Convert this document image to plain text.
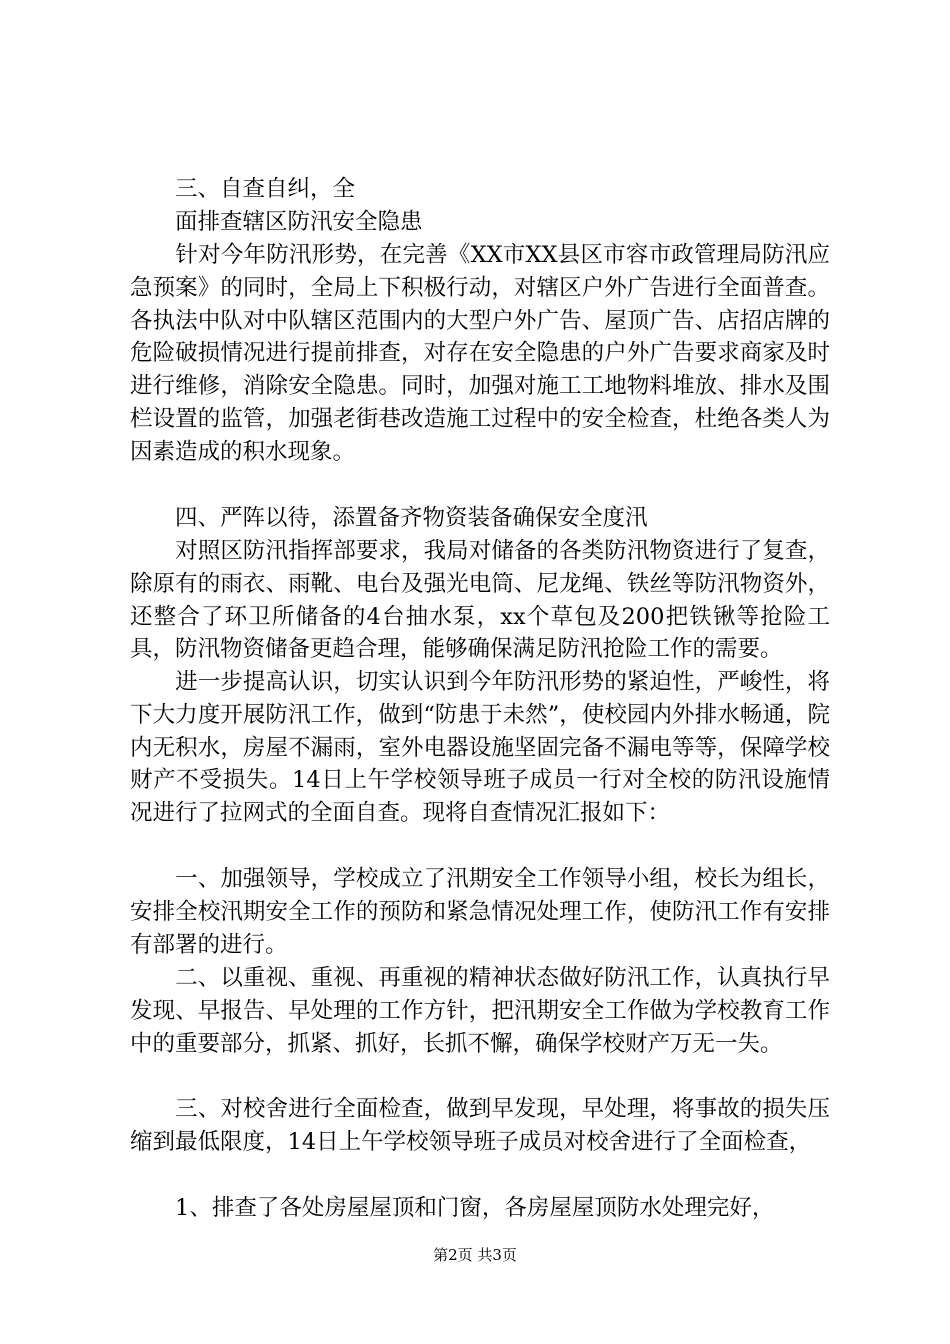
　　三、自查自纠，全

　　面排查辖区防汛安全隐患

　　针对今年防汛形势，在完善《XX市XX县区市容市政管理局防汛应急预案》的同时，全局上下积极行动，对辖区户外广告进行全面普查。各执法中队对中队辖区范围内的大型户外广告、屋顶广告、店招店牌的危险破损情况进行提前排查，对存在安全隐患的户外广告要求商家及时进行维修，消除安全隐患。同时，加强对施工工地物料堆放、排水及围栏设置的监管，加强老街巷改造施工过程中的安全检查，杜绝各类人为因素造成的积水现象。

　　四、严阵以待，添置备齐物资装备确保安全度汛

　　对照区防汛指挥部要求，我局对储备的各类防汛物资进行了复查，除原有的雨衣、雨靴、电台及强光电筒、尼龙绳、铁丝等防汛物资外，还整合了环卫所储备的4台抽水泵，xx个草包及200把铁锹等抢险工具，防汛物资储备更趋合理，能够确保满足防汛抢险工作的需要。

　　进一步提高认识，切实认识到今年防汛形势的紧迫性，严峻性，将下大力度开展防汛工作，做到“防患于未然”，使校园内外排水畅通，院内无积水，房屋不漏雨，室外电器设施坚固完备不漏电等等，保障学校财产不受损失。14日上午学校领导班子成员一行对全校的防汛设施情况进行了拉网式的全面自查。现将自查情况汇报如下：

　　一、加强领导，学校成立了汛期安全工作领导小组，校长为组长，安排全校汛期安全工作的预防和紧急情况处理工作，使防汛工作有安排有部署的进行。

　　二、以重视、重视、再重视的精神状态做好防汛工作，认真执行早发现、早报告、早处理的工作方针，把汛期安全工作做为学校教育工作中的重要部分，抓紧、抓好，长抓不懈，确保学校财产万无一失。

　　三、对校舍进行全面检查，做到早发现，早处理，将事故的损失压缩到最低限度，14日上午学校领导班子成员对校舍进行了全面检查，

　　1、排查了各处房屋屋顶和门窗，各房屋屋顶防水处理完好，

第2页 共3页
